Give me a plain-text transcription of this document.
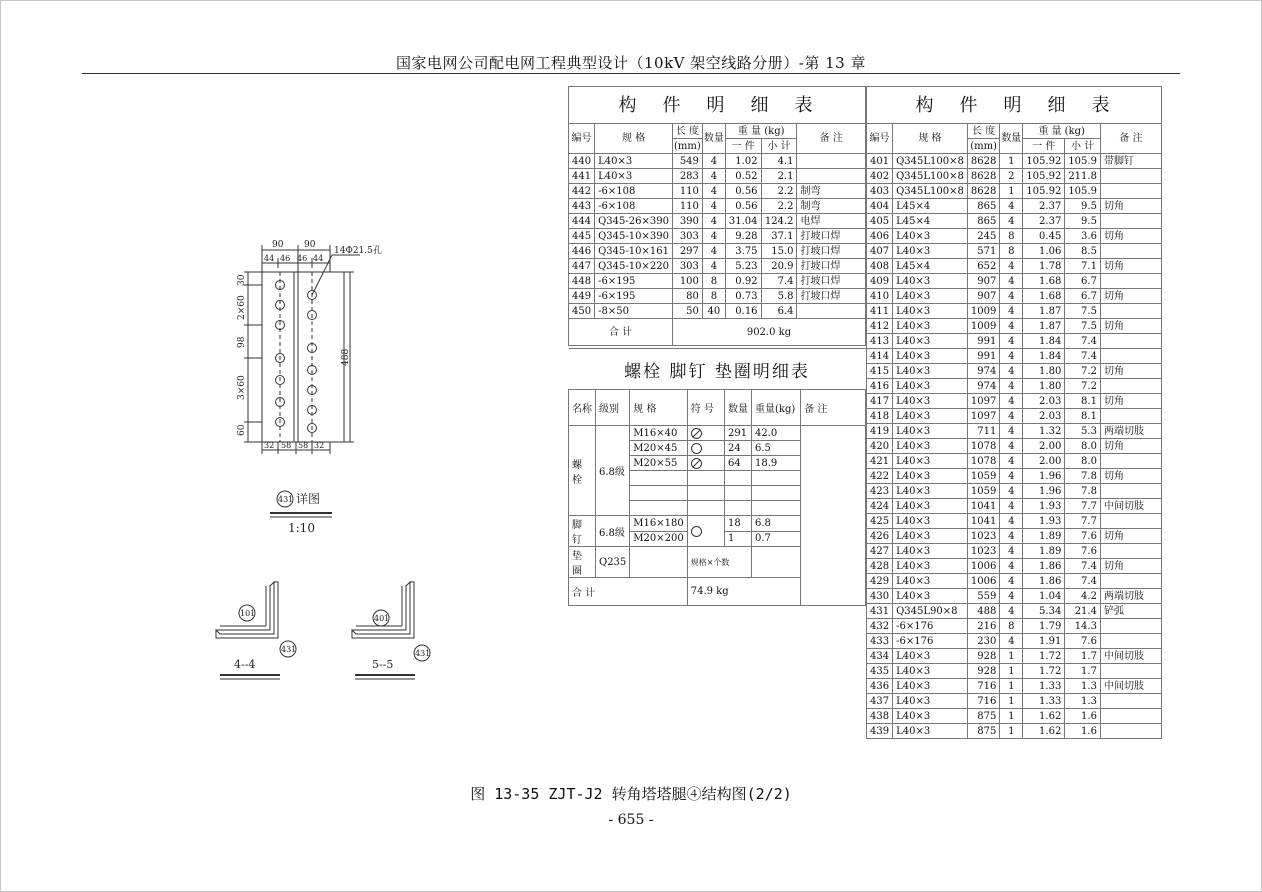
国家电网公司配电网工程典型设计（10kV 架空线路分册）-第 13 章
90 90
44 46 46 44
14Φ21.5孔
30
2×60
98
3×60
60
488
32 58 58 32
431 详图
1:10
101
431
4--4
401
431
5--5
构件明细表						
编号	规 格	长 度	数量	重 量 (kg)		备 注
		(mm)		一 件	小 计	
440	L40×3	549	4	1.02	4.1	
441	L40×3	283	4	0.52	2.1	
442	-6×108	110	4	0.56	2.2	制弯
443	-6×108	110	4	0.56	2.2	制弯
444	Q345-26×390	390	4	31.04	124.2	电焊
445	Q345-10×390	303	4	9.28	37.1	打坡口焊
446	Q345-10×161	297	4	3.75	15.0	打坡口焊
447	Q345-10×220	303	4	5.23	20.9	打坡口焊
448	-6×195	100	8	0.92	7.4	打坡口焊
449	-6×195	80	8	0.73	5.8	打坡口焊
450	-8×50	50	40	0.16	6.4	
合 计		902.0 kg				
螺栓 脚钉 垫圈明细表						
名称	级别	规 格	符 号	数量	重量(kg)	备 注
螺 栓	6.8级	M16×40		291	42.0	
		M20×45		24	6.5	
		M20×55		64	18.9	

脚 钉	6.8级	M16×180		18	6.8	
		M20×200		1	0.7	
垫 圈	Q235		规格×个数			
合 计			74.9 kg			
构件明细表						
编号	规 格	长 度	数量	重 量 (kg)		备 注
		(mm)		一 件	小 计	
401	Q345L100×8	8628	1	105.92	105.9	带脚钉
402	Q345L100×8	8628	2	105.92	211.8	
403	Q345L100×8	8628	1	105.92	105.9	
404	L45×4	865	4	2.37	9.5	切角
405	L45×4	865	4	2.37	9.5	
406	L40×3	245	8	0.45	3.6	切角
407	L40×3	571	8	1.06	8.5	
408	L45×4	652	4	1.78	7.1	切角
409	L40×3	907	4	1.68	6.7	
410	L40×3	907	4	1.68	6.7	切角
411	L40×3	1009	4	1.87	7.5	
412	L40×3	1009	4	1.87	7.5	切角
413	L40×3	991	4	1.84	7.4	
414	L40×3	991	4	1.84	7.4	
415	L40×3	974	4	1.80	7.2	切角
416	L40×3	974	4	1.80	7.2	
417	L40×3	1097	4	2.03	8.1	切角
418	L40×3	1097	4	2.03	8.1	
419	L40×3	711	4	1.32	5.3	两端切肢
420	L40×3	1078	4	2.00	8.0	切角
421	L40×3	1078	4	2.00	8.0	
422	L40×3	1059	4	1.96	7.8	切角
423	L40×3	1059	4	1.96	7.8	
424	L40×3	1041	4	1.93	7.7	中间切肢
425	L40×3	1041	4	1.93	7.7	
426	L40×3	1023	4	1.89	7.6	切角
427	L40×3	1023	4	1.89	7.6	
428	L40×3	1006	4	1.86	7.4	切角
429	L40×3	1006	4	1.86	7.4	
430	L40×3	559	4	1.04	4.2	两端切肢
431	Q345L90×8	488	4	5.34	21.4	铲弧
432	-6×176	216	8	1.79	14.3	
433	-6×176	230	4	1.91	7.6	
434	L40×3	928	1	1.72	1.7	中间切肢
435	L40×3	928	1	1.72	1.7	
436	L40×3	716	1	1.33	1.3	中间切肢
437	L40×3	716	1	1.33	1.3	
438	L40×3	875	1	1.62	1.6	
439	L40×3	875	1	1.62	1.6	
图 13-35 ZJT-J2 转角塔塔腿④结构图(2/2)
- 655 -
